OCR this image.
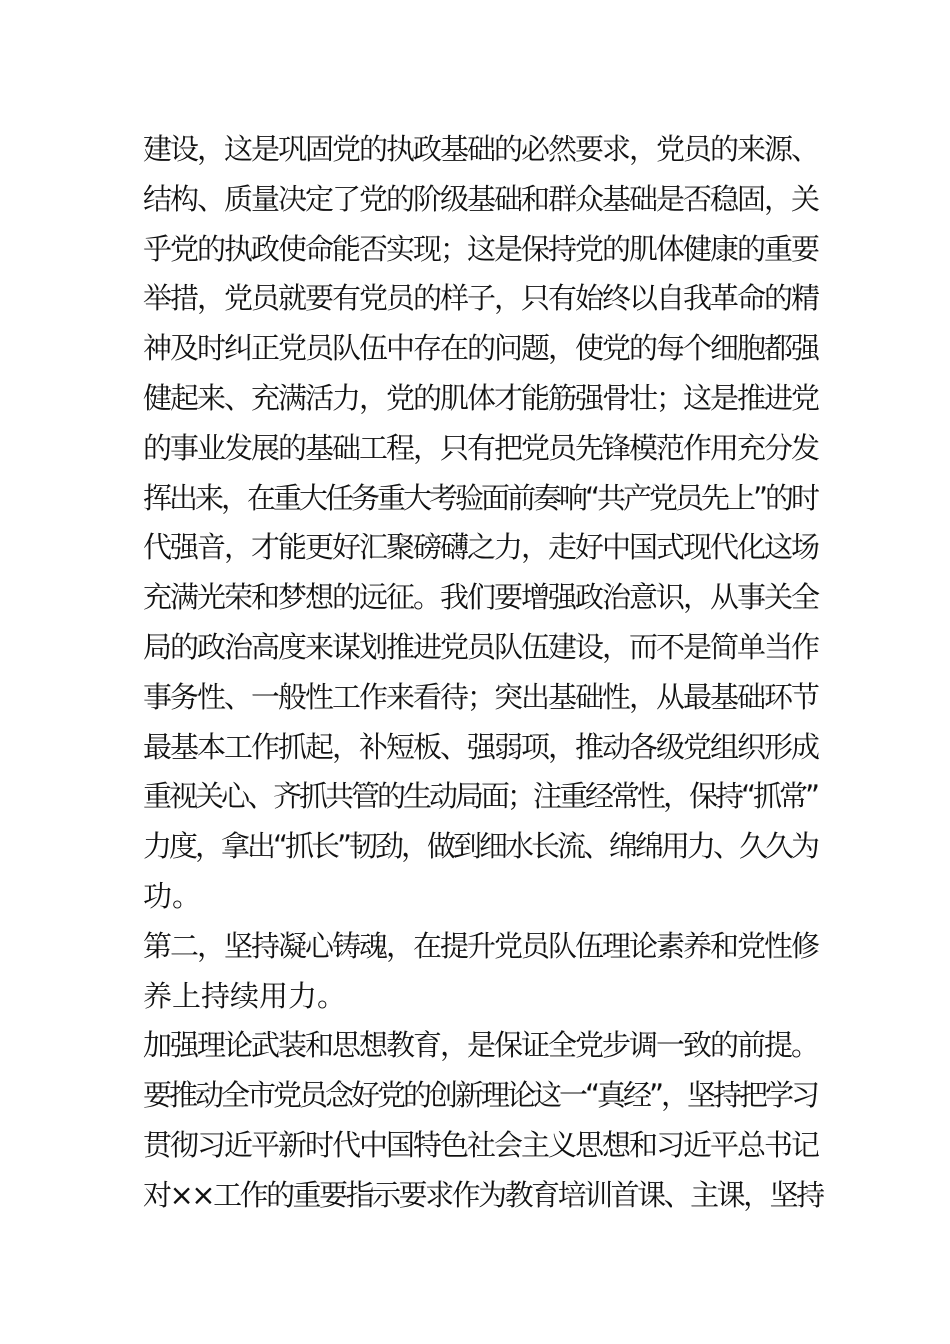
建设，这是巩固党的执政基础的必然要求，党员的来源、
结构、质量决定了党的阶级基础和群众基础是否稳固，关
乎党的执政使命能否实现；这是保持党的肌体健康的重要
举措，党员就要有党员的样子，只有始终以自我革命的精
神及时纠正党员队伍中存在的问题，使党的每个细胞都强
健起来、充满活力，党的肌体才能筋强骨壮；这是推进党
的事业发展的基础工程，只有把党员先锋模范作用充分发
挥出来，在重大任务重大考验面前奏响“共产党员先上”的时
代强音，才能更好汇聚磅礴之力，走好中国式现代化这场
充满光荣和梦想的远征。我们要增强政治意识，从事关全
局的政治高度来谋划推进党员队伍建设，而不是简单当作
事务性、一般性工作来看待；突出基础性，从最基础环节
最基本工作抓起，补短板、强弱项，推动各级党组织形成
重视关心、齐抓共管的生动局面；注重经常性，保持“抓常”
力度，拿出“抓长”韧劲，做到细水长流、绵绵用力、久久为
功。
第二，坚持凝心铸魂，在提升党员队伍理论素养和党性修
养上持续用力。
加强理论武装和思想教育，是保证全党步调一致的前提。
要推动全市党员念好党的创新理论这一“真经”，坚持把学习
贯彻习近平新时代中国特色社会主义思想和习近平总书记
对××工作的重要指示要求作为教育培训首课、主课，坚持
